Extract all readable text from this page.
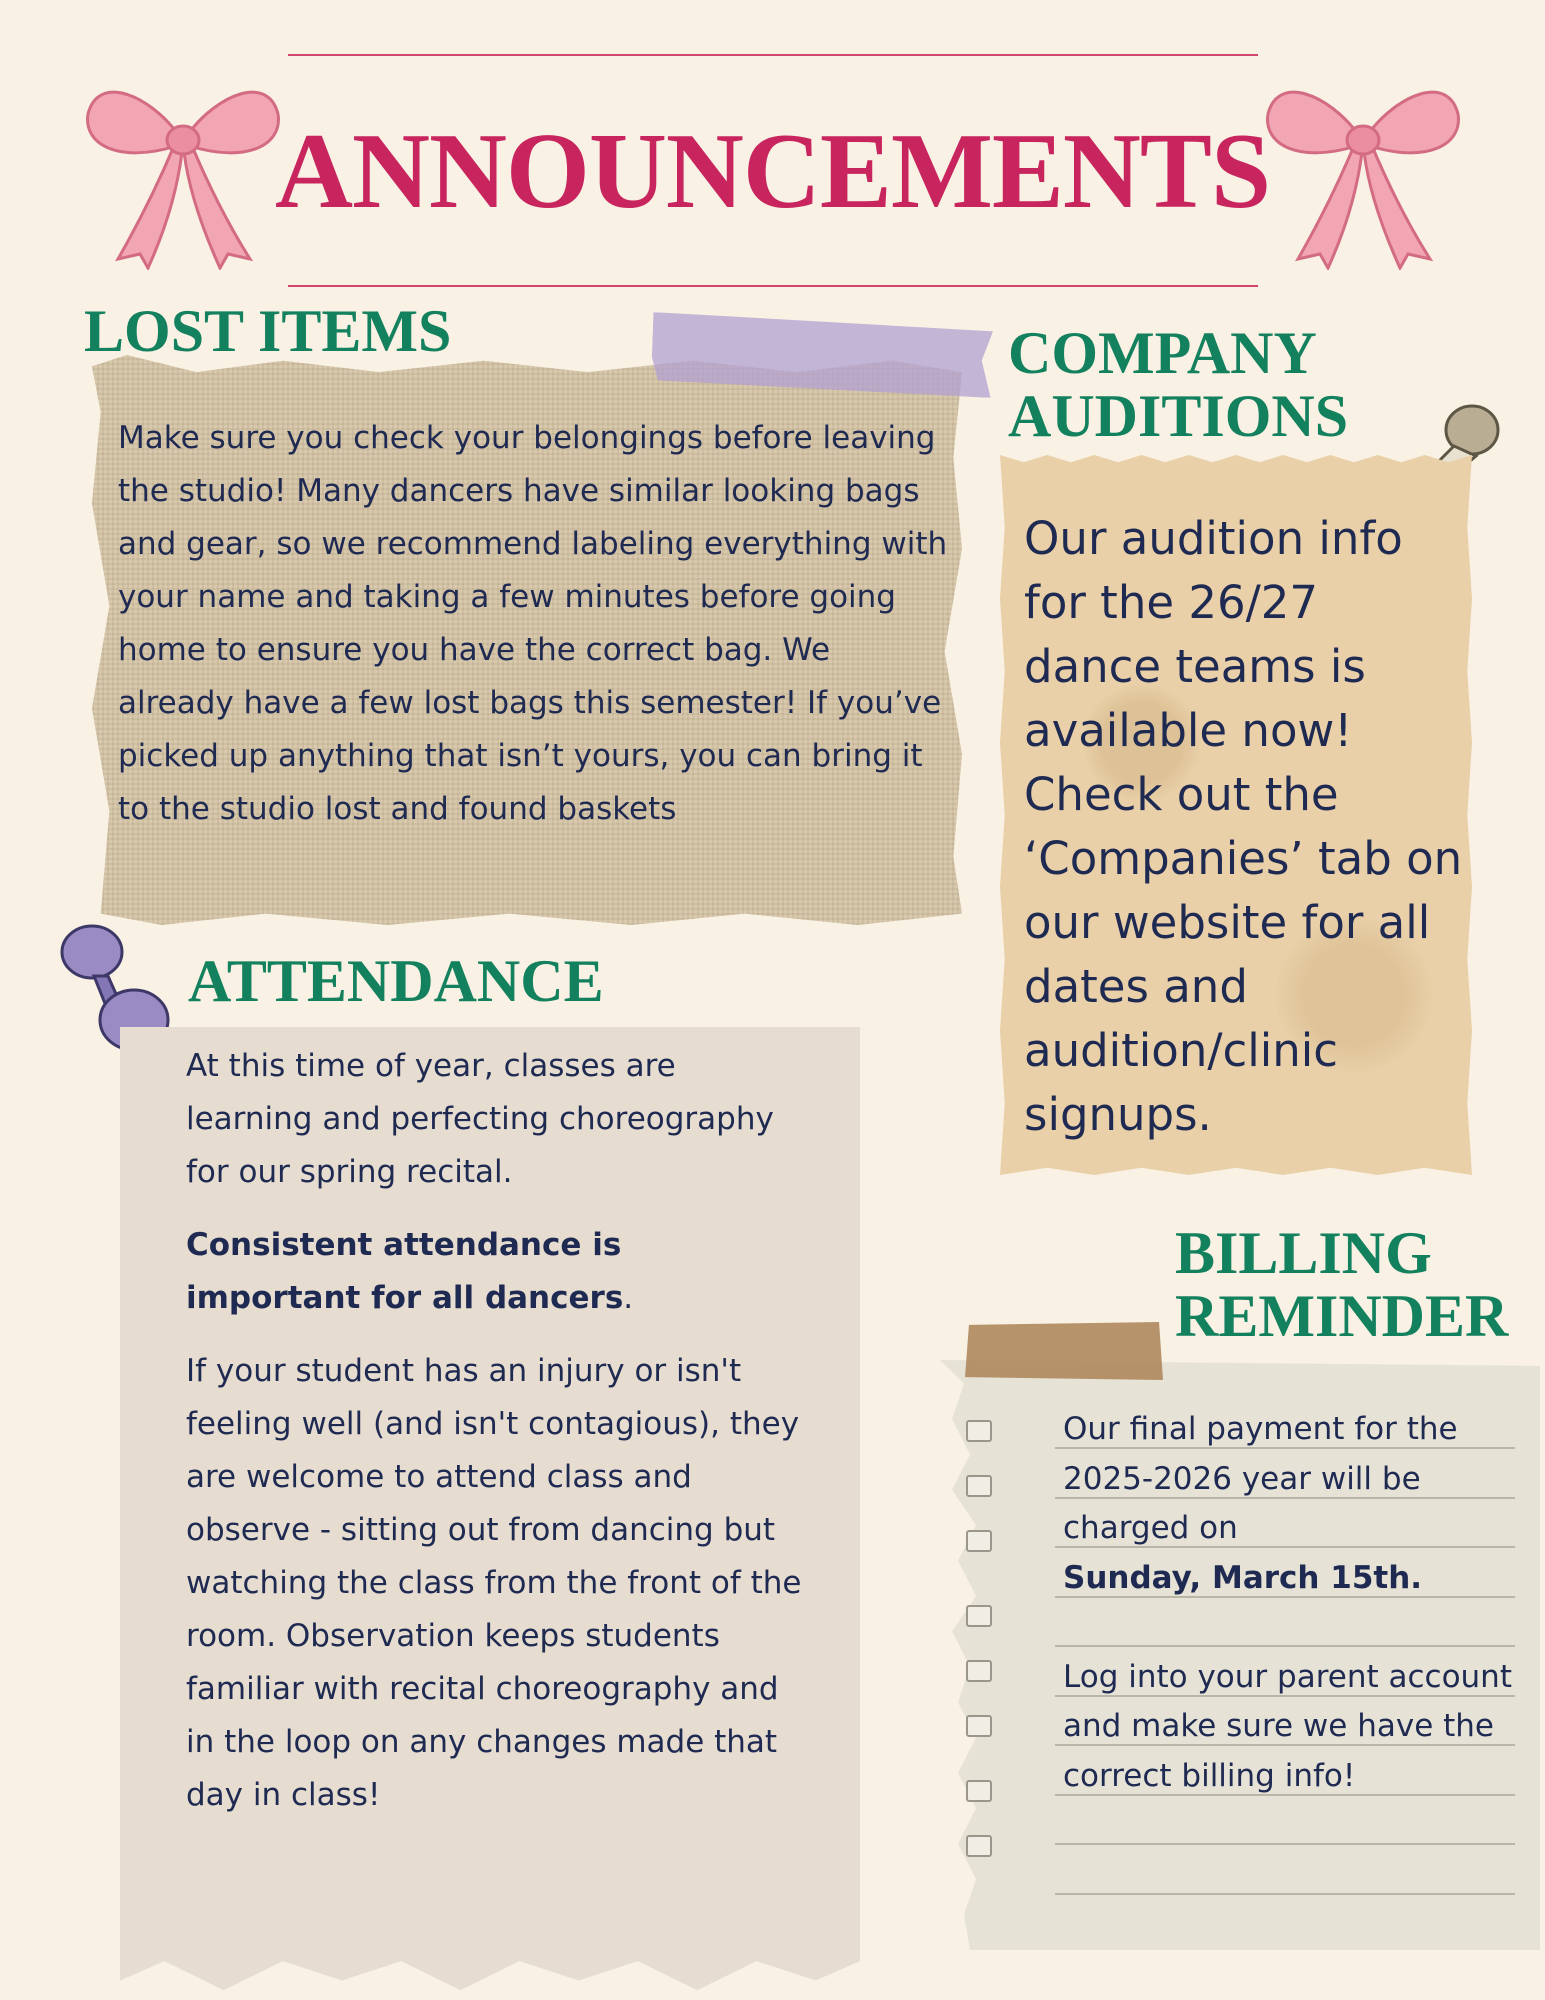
ANNOUNCEMENTS
LOST ITEMS
Make sure you check your belongings before leaving the studio! Many dancers have similar looking bags and gear, so we recommend labeling everything with your name and taking a few minutes before going home to ensure you have the correct bag. We already have a few lost bags this semester! If you’ve picked up anything that isn’t yours, you can bring it to the studio lost and found baskets
COMPANY
AUDITIONS
Our audition info for the 26/27 dance teams is available now! Check out the ‘Companies’ tab on our website for all dates and audition/clinic signups.
ATTENDANCE

At this time of year, classes are learning and perfecting choreography for our spring recital.

Consistent attendance is important for all dancers.

If your student has an injury or isn't feeling well (and isn't contagious), they are welcome to attend class and observe - sitting out from dancing but watching the class from the front of the room. Observation keeps students familiar with recital choreography and in the loop on any changes made that day in class!

BILLING
REMINDER
Our final payment for the 2025-2026 year will be charged on
Sunday, March 15th.
Log into your parent account and make sure we have the correct billing info!
